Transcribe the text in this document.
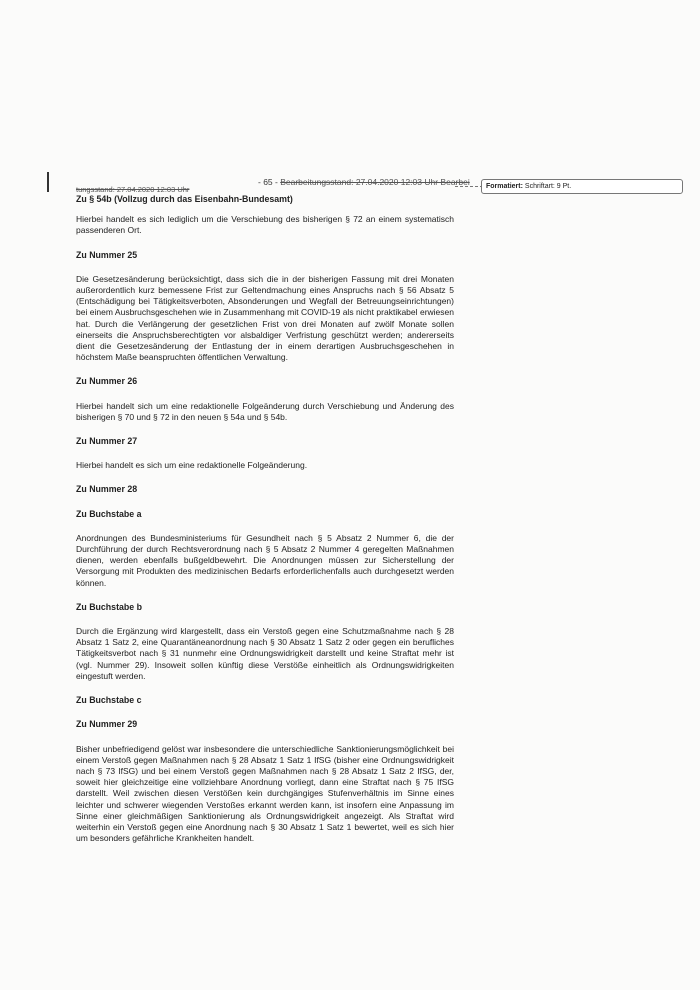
tungsstand: 27.04.2020 12:03 Uhr
- 65 - Bearbeitungsstand: 27.04.2020 12:03 Uhr Bearbei	Formatiert: Schriftart: 9 Pt.

Zu § 54b (Vollzug durch das Eisenbahn-Bundesamt)

Hierbei handelt es sich lediglich um die Verschiebung des bisherigen § 72 an einem systematisch passenderen Ort.

Zu Nummer 25

Die Gesetzesänderung berücksichtigt, dass sich die in der bisherigen Fassung mit drei Monaten außerordentlich kurz bemessene Frist zur Geltendmachung eines Anspruchs nach § 56 Absatz 5 (Entschädigung bei Tätigkeitsverboten, Absonderungen und Wegfall der Betreuungseinrichtungen) bei einem Ausbruchsgeschehen wie in Zusammenhang mit COVID-19 als nicht praktikabel erwiesen hat. Durch die Verlängerung der gesetzlichen Frist von drei Monaten auf zwölf Monate sollen einerseits die Anspruchsberechtigten vor alsbaldiger Verfristung geschützt werden; andererseits dient die Gesetzesänderung der Entlastung der in einem derartigen Ausbruchsgeschehen in höchstem Maße beanspruchten öffentlichen Verwaltung.

Zu Nummer 26

Hierbei handelt sich um eine redaktionelle Folgeänderung durch Verschiebung und Änderung des bisherigen § 70 und § 72 in den neuen § 54a und § 54b.

Zu Nummer 27

Hierbei handelt es sich um eine redaktionelle Folgeänderung.

Zu Nummer 28

Zu Buchstabe a

Anordnungen des Bundesministeriums für Gesundheit nach § 5 Absatz 2 Nummer 6, die der Durchführung der durch Rechtsverordnung nach § 5 Absatz 2 Nummer 4 geregelten Maßnahmen dienen, werden ebenfalls bußgeldbewehrt. Die Anordnungen müssen zur Sicherstellung der Versorgung mit Produkten des medizinischen Bedarfs erforderlichenfalls auch durchgesetzt werden können.

Zu Buchstabe b

Durch die Ergänzung wird klargestellt, dass ein Verstoß gegen eine Schutzmaßnahme nach § 28 Absatz 1 Satz 2, eine Quarantäneanordnung nach § 30 Absatz 1 Satz 2 oder gegen ein berufliches Tätigkeitsverbot nach § 31 nunmehr eine Ordnungswidrigkeit darstellt und keine Straftat mehr ist (vgl. Nummer 29). Insoweit sollen künftig diese Verstöße einheitlich als Ordnungswidrigkeiten eingestuft werden.

Zu Buchstabe c

Zu Nummer 29

Bisher unbefriedigend gelöst war insbesondere die unterschiedliche Sanktionierungsmöglichkeit bei einem Verstoß gegen Maßnahmen nach § 28 Absatz 1 Satz 1 IfSG (bisher eine Ordnungswidrigkeit nach § 73 IfSG) und bei einem Verstoß gegen Maßnahmen nach § 28 Absatz 1 Satz 2 IfSG, der, soweit hier gleichzeitige eine vollziehbare Anordnung vorliegt, dann eine Straftat nach § 75 IfSG darstellt. Weil zwischen diesen Verstößen kein durchgängiges Stufenverhältnis im Sinne eines leichter und schwerer wiegenden Verstoßes erkannt werden kann, ist insofern eine Anpassung im Sinne einer gleichmäßigen Sanktionierung als Ordnungswidrigkeit angezeigt. Als Straftat wird weiterhin ein Verstoß gegen eine Anordnung nach § 30 Absatz 1 Satz 1 bewertet, weil es sich hier um besonders gefährliche Krankheiten handelt.
